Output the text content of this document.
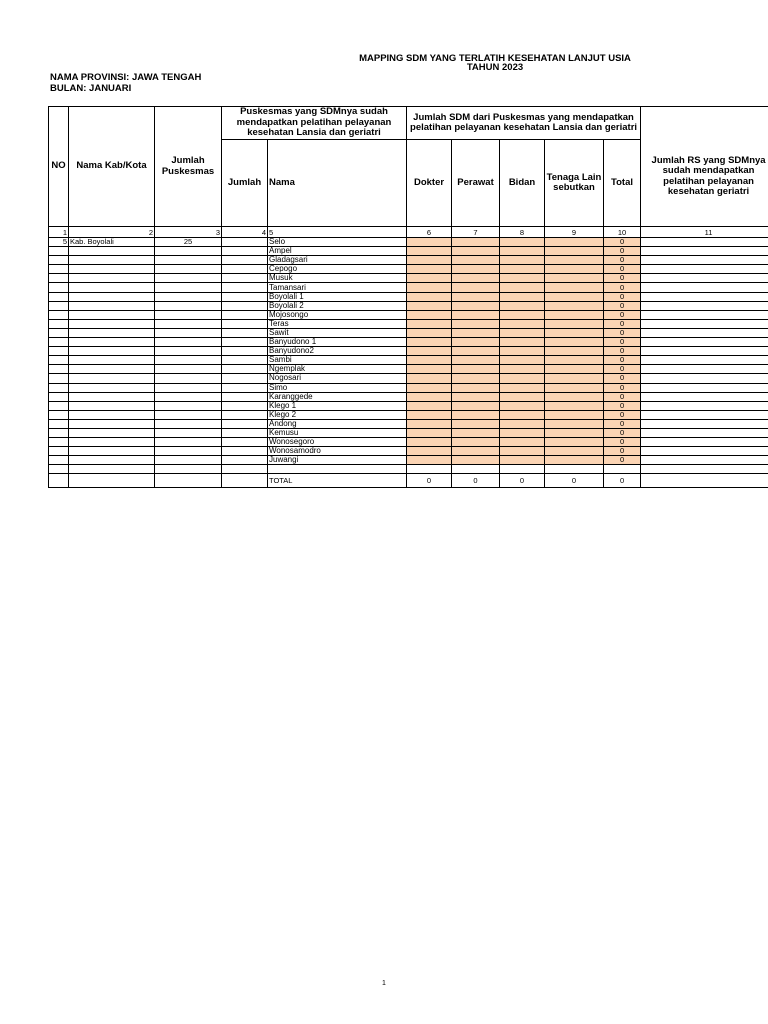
MAPPING SDM YANG TERLATIH KESEHATAN LANJUT USIA
TAHUN 2023
NAMA PROVINSI: JAWA TENGAH
BULAN: JANUARI
NO	Nama Kab/Kota	Jumlah Puskesmas	Puskesmas yang SDMnya sudah mendapatkan pelatihan pelayanan kesehatan Lansia dan geriatri		Jumlah SDM dari Puskesmas yang mendapatkan pelatihan pelayanan kesehatan Lansia dan geriatri					Jumlah RS yang SDMnya sudah mendapatkan pelatihan pelayanan kesehatan geriatri
			Jumlah	Nama	Dokter	Perawat	Bidan	Tenaga Lain sebutkan	Total	

1	2	3	4	5	6	7	8	9	10	11
5	Kab. Boyolali	25		Selo					0	
				Ampel					0	
				Gladagsari					0	
				Cepogo					0	
				Musuk					0	
				Tamansari					0	
				Boyolali 1					0	
				Boyolali 2					0	
				Mojosongo					0	
				Teras					0	
				Sawit					0	
				Banyudono 1					0	
				Banyudono2					0	
				Sambi					0	
				Ngemplak					0	
				Nogosari					0	
				Simo					0	
				Karanggede					0	
				Klego 1					0	
				Klego 2					0	
				Andong					0	
				Kemusu					0	
				Wonosegoro					0	
				Wonosamodro					0	
				Juwangi					0	

				TOTAL	0	0	0	0	0	
1
